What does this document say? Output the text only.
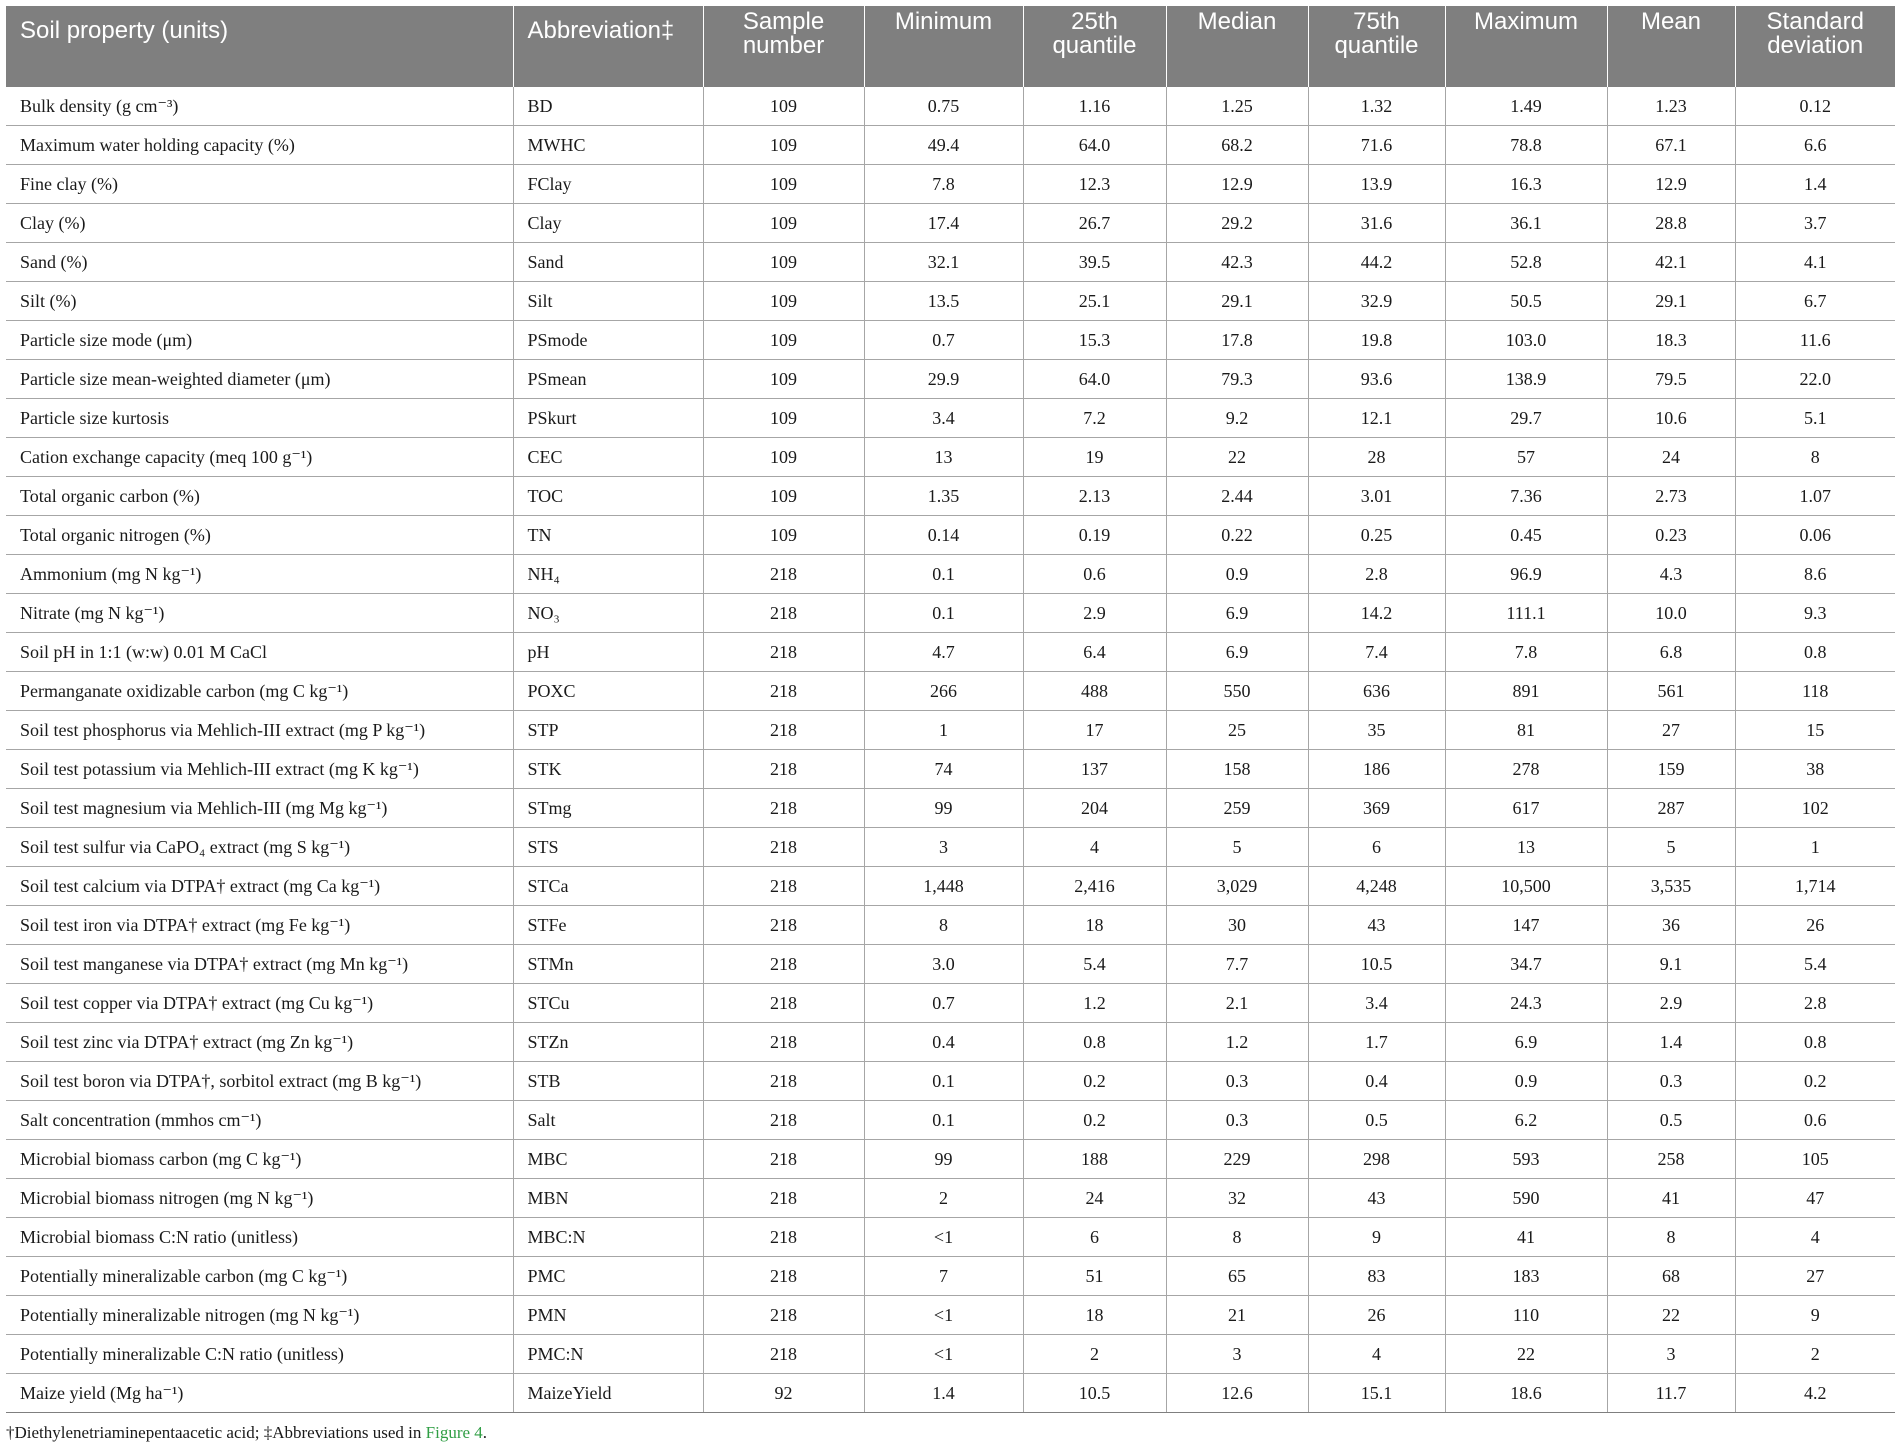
Soil property (units)	Abbreviation‡	Sample number	Minimum	25th quantile	Median	75th quantile	Maximum	Mean	Standard deviation
Bulk density (g cm⁻³)	BD	109	0.75	1.16	1.25	1.32	1.49	1.23	0.12
Maximum water holding capacity (%)	MWHC	109	49.4	64.0	68.2	71.6	78.8	67.1	6.6
Fine clay (%)	FClay	109	7.8	12.3	12.9	13.9	16.3	12.9	1.4
Clay (%)	Clay	109	17.4	26.7	29.2	31.6	36.1	28.8	3.7
Sand (%)	Sand	109	32.1	39.5	42.3	44.2	52.8	42.1	4.1
Silt (%)	Silt	109	13.5	25.1	29.1	32.9	50.5	29.1	6.7
Particle size mode (μm)	PSmode	109	0.7	15.3	17.8	19.8	103.0	18.3	11.6
Particle size mean-weighted diameter (μm)	PSmean	109	29.9	64.0	79.3	93.6	138.9	79.5	22.0
Particle size kurtosis	PSkurt	109	3.4	7.2	9.2	12.1	29.7	10.6	5.1
Cation exchange capacity (meq 100 g⁻¹)	CEC	109	13	19	22	28	57	24	8
Total organic carbon (%)	TOC	109	1.35	2.13	2.44	3.01	7.36	2.73	1.07
Total organic nitrogen (%)	TN	109	0.14	0.19	0.22	0.25	0.45	0.23	0.06
Ammonium (mg N kg⁻¹)	NH₄	218	0.1	0.6	0.9	2.8	96.9	4.3	8.6
Nitrate (mg N kg⁻¹)	NO₃	218	0.1	2.9	6.9	14.2	111.1	10.0	9.3
Soil pH in 1:1 (w:w) 0.01 M CaCl	pH	218	4.7	6.4	6.9	7.4	7.8	6.8	0.8
Permanganate oxidizable carbon (mg C kg⁻¹)	POXC	218	266	488	550	636	891	561	118
Soil test phosphorus via Mehlich-III extract (mg P kg⁻¹)	STP	218	1	17	25	35	81	27	15
Soil test potassium via Mehlich-III extract (mg K kg⁻¹)	STK	218	74	137	158	186	278	159	38
Soil test magnesium via Mehlich-III (mg Mg kg⁻¹)	STmg	218	99	204	259	369	617	287	102
Soil test sulfur via CaPO₄ extract (mg S kg⁻¹)	STS	218	3	4	5	6	13	5	1
Soil test calcium via DTPA† extract (mg Ca kg⁻¹)	STCa	218	1,448	2,416	3,029	4,248	10,500	3,535	1,714
Soil test iron via DTPA† extract (mg Fe kg⁻¹)	STFe	218	8	18	30	43	147	36	26
Soil test manganese via DTPA† extract (mg Mn kg⁻¹)	STMn	218	3.0	5.4	7.7	10.5	34.7	9.1	5.4
Soil test copper via DTPA† extract (mg Cu kg⁻¹)	STCu	218	0.7	1.2	2.1	3.4	24.3	2.9	2.8
Soil test zinc via DTPA† extract (mg Zn kg⁻¹)	STZn	218	0.4	0.8	1.2	1.7	6.9	1.4	0.8
Soil test boron via DTPA†, sorbitol extract (mg B kg⁻¹)	STB	218	0.1	0.2	0.3	0.4	0.9	0.3	0.2
Salt concentration (mmhos cm⁻¹)	Salt	218	0.1	0.2	0.3	0.5	6.2	0.5	0.6
Microbial biomass carbon (mg C kg⁻¹)	MBC	218	99	188	229	298	593	258	105
Microbial biomass nitrogen (mg N kg⁻¹)	MBN	218	2	24	32	43	590	41	47
Microbial biomass C:N ratio (unitless)	MBC:N	218	<1	6	8	9	41	8	4
Potentially mineralizable carbon (mg C kg⁻¹)	PMC	218	7	51	65	83	183	68	27
Potentially mineralizable nitrogen (mg N kg⁻¹)	PMN	218	<1	18	21	26	110	22	9
Potentially mineralizable C:N ratio (unitless)	PMC:N	218	<1	2	3	4	22	3	2
Maize yield (Mg ha⁻¹)	MaizeYield	92	1.4	10.5	12.6	15.1	18.6	11.7	4.2
†Diethylenetriaminepentaacetic acid; ‡Abbreviations used in Figure 4.
